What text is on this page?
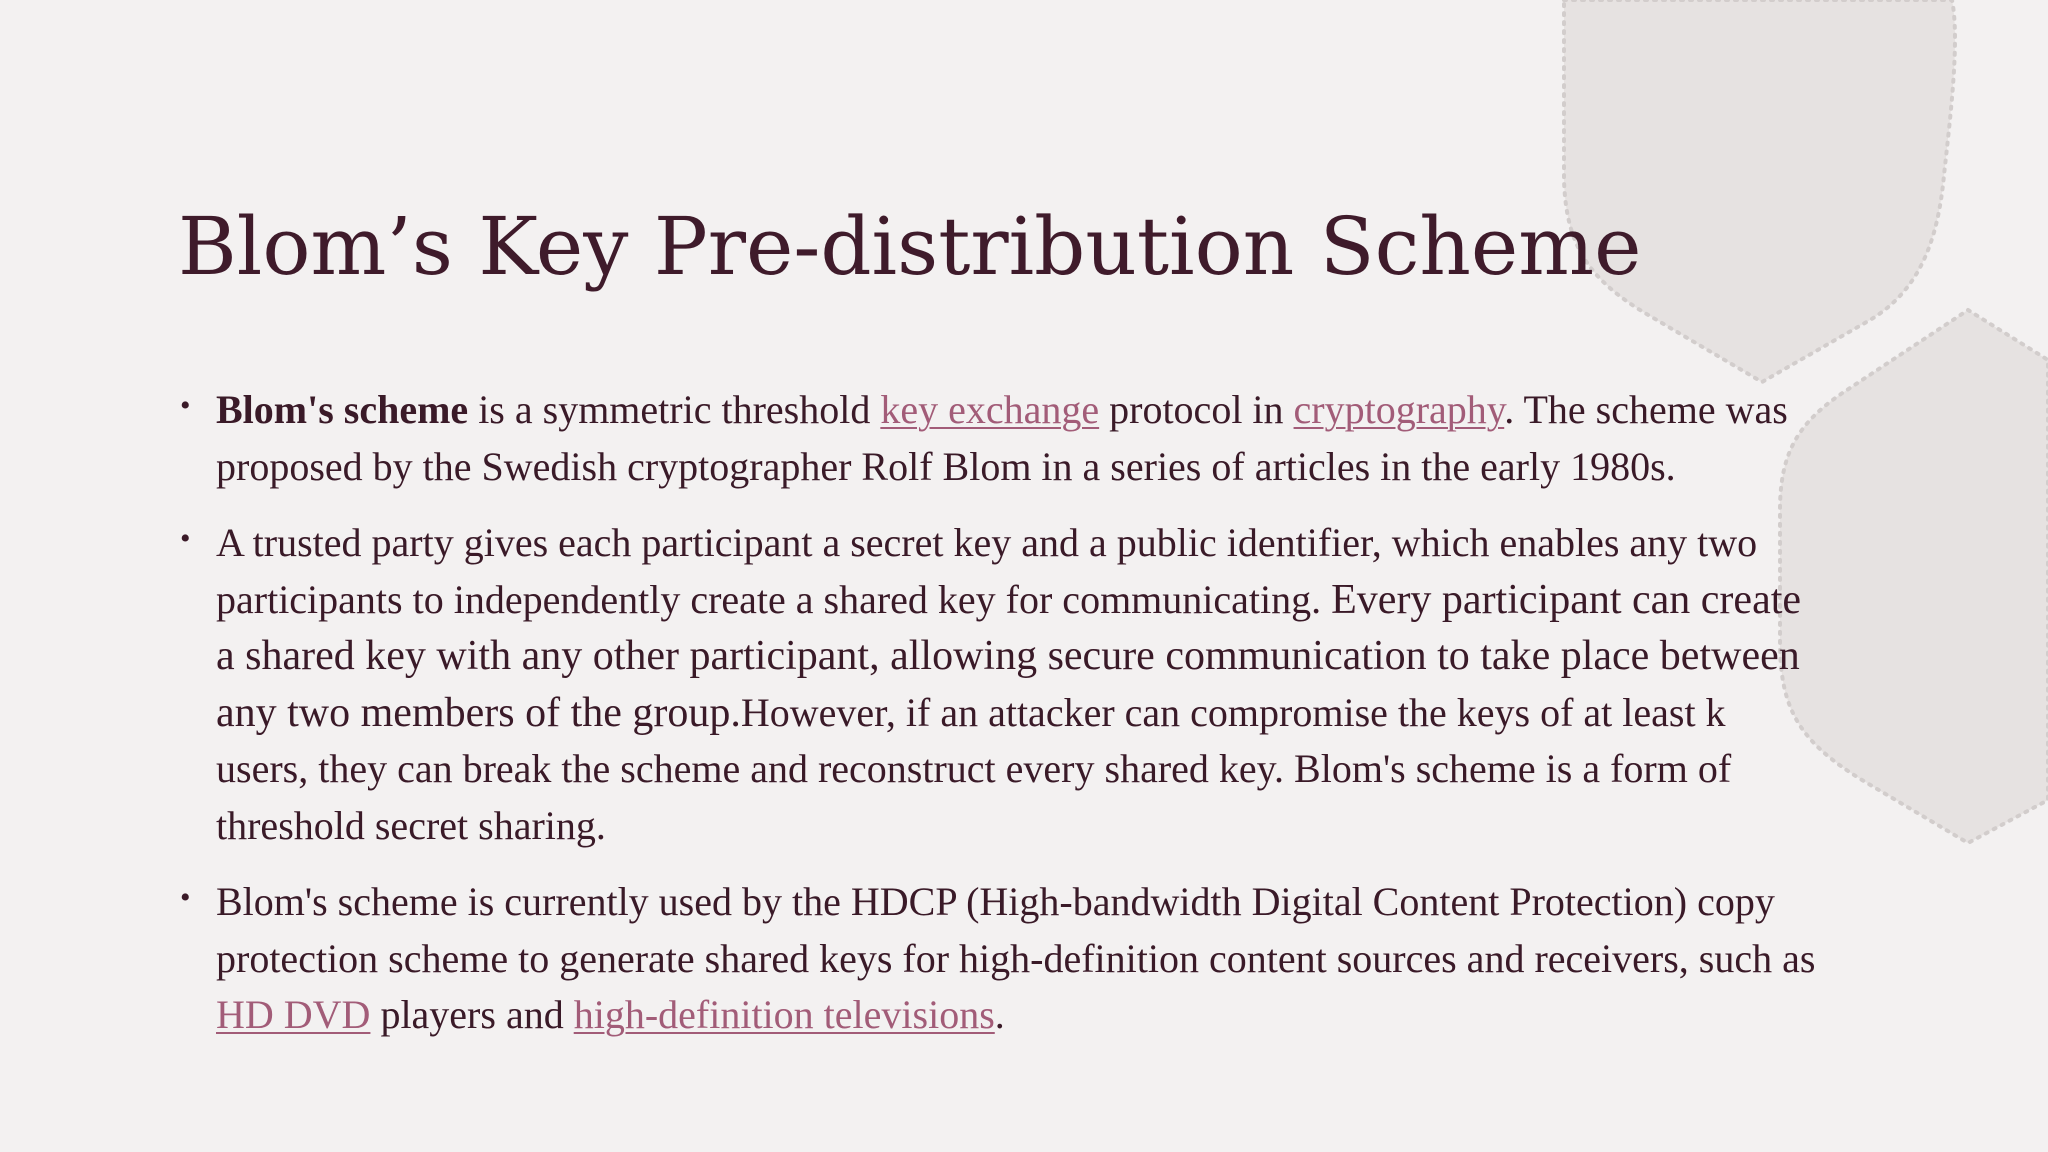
Blom’s Key Pre-distribution Scheme
• Blom's scheme is a symmetric threshold key exchange protocol in cryptography. The scheme was proposed by the Swedish cryptographer Rolf Blom in a series of articles in the early 1980s.
• A trusted party gives each participant a secret key and a public identifier, which enables any two participants to independently create a shared key for communicating. Every participant can create a shared key with any other participant, allowing secure communication to take place between any two members of the group.However, if an attacker can compromise the keys of at least k users, they can break the scheme and reconstruct every shared key. Blom's scheme is a form of threshold secret sharing.
• Blom's scheme is currently used by the HDCP (High-bandwidth Digital Content Protection) copy protection scheme to generate shared keys for high-definition content sources and receivers, such as HD DVD players and high-definition televisions.
